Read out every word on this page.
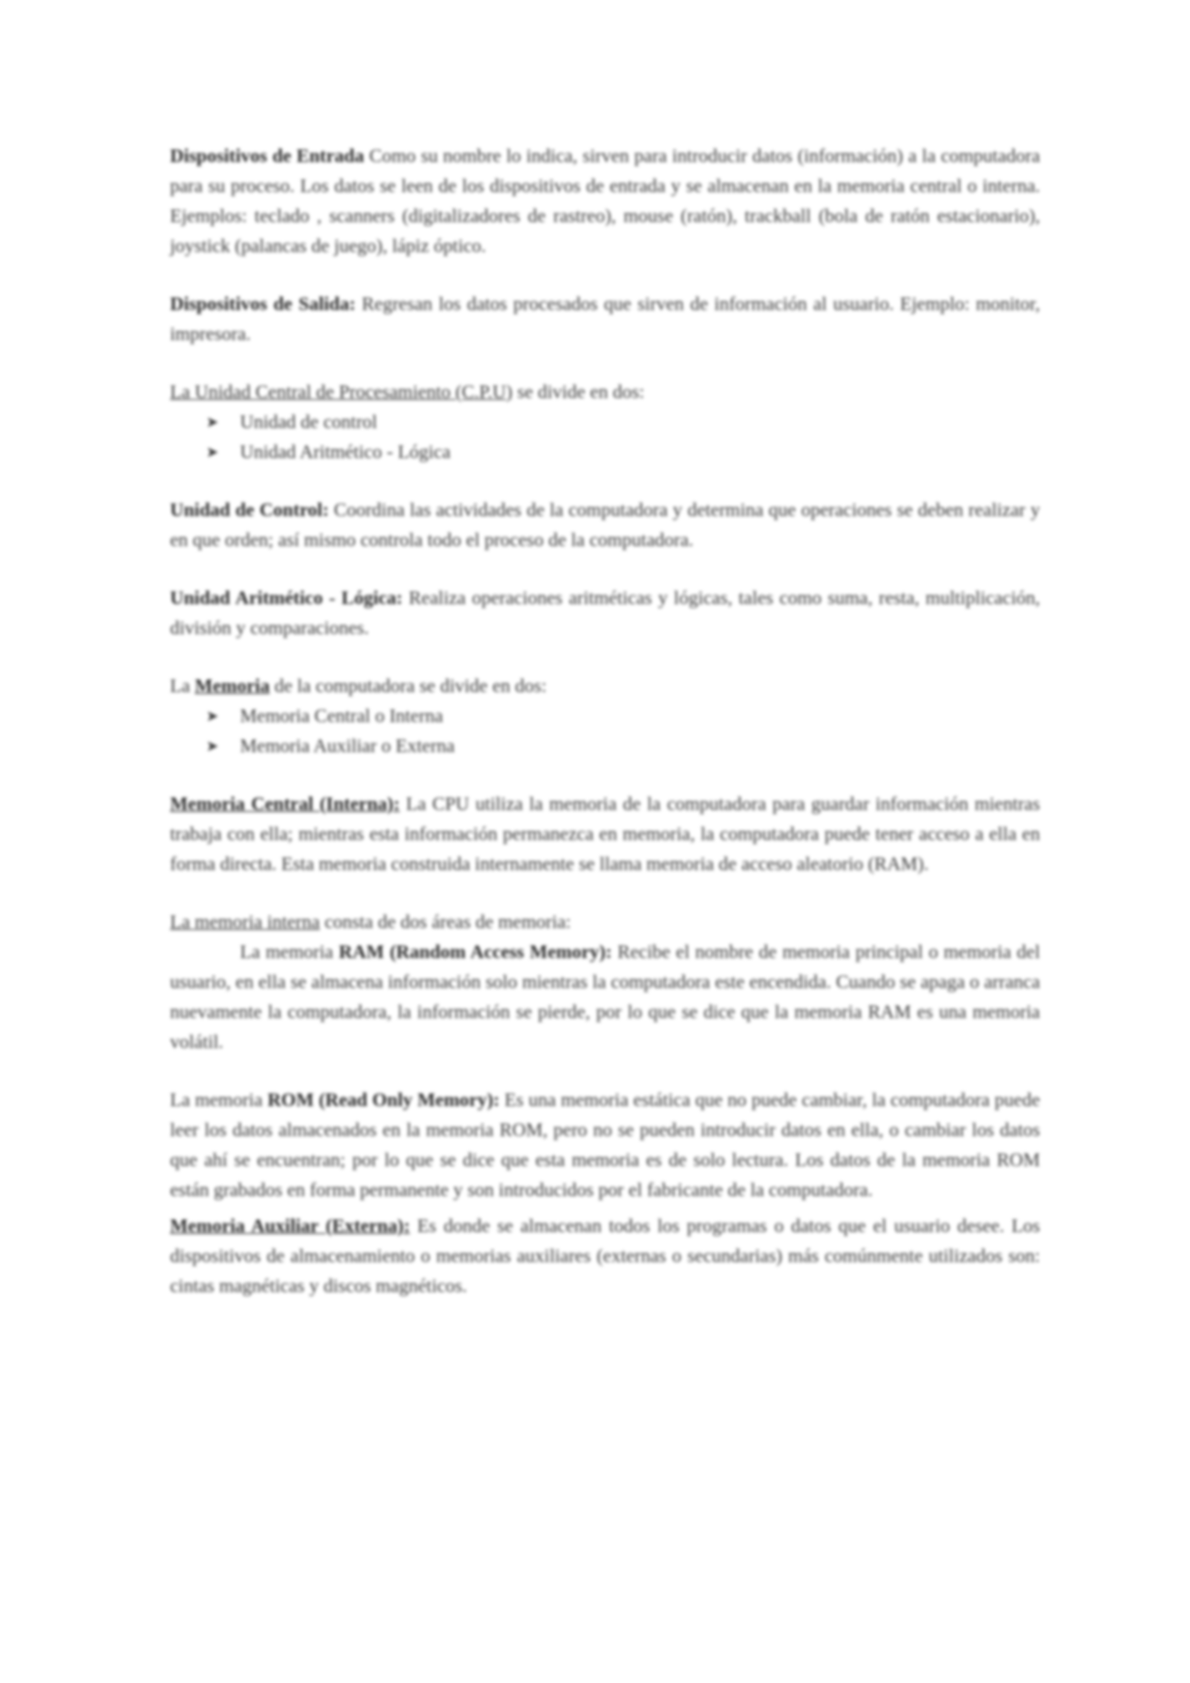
Dispositivos de Entrada Como su nombre lo indica, sirven para introducir datos (información) a la computadora para su proceso. Los datos se leen de los dispositivos de entrada y se almacenan en la memoria central o interna. Ejemplos: teclado , scanners (digitalizadores de rastreo), mouse (ratón), trackball (bola de ratón estacionario), joystick (palancas de juego), lápiz óptico.

Dispositivos de Salida: Regresan los datos procesados que sirven de información al usuario. Ejemplo: monitor, impresora.

La Unidad Central de Procesamiento (C.P.U) se divide en dos:

➤ Unidad de control
➤ Unidad Aritmético - Lógica

Unidad de Control: Coordina las actividades de la computadora y determina que operaciones se deben realizar y en que orden; así mismo controla todo el proceso de la computadora.

Unidad Aritmético - Lógica: Realiza operaciones aritméticas y lógicas, tales como suma, resta, multiplicación, división y comparaciones.

La Memoria de la computadora se divide en dos:

➤ Memoria Central o Interna
➤ Memoria Auxiliar o Externa

Memoria Central (Interna): La CPU utiliza la memoria de la computadora para guardar información mientras trabaja con ella; mientras esta información permanezca en memoria, la computadora puede tener acceso a ella en forma directa. Esta memoria construida internamente se llama memoria de acceso aleatorio (RAM).

La memoria interna consta de dos áreas de memoria:

La memoria RAM (Random Access Memory): Recibe el nombre de memoria principal o memoria del usuario, en ella se almacena información solo mientras la computadora este encendida. Cuando se apaga o arranca nuevamente la computadora, la información se pierde, por lo que se dice que la memoria RAM es una memoria volátil.

La memoria ROM (Read Only Memory): Es una memoria estática que no puede cambiar, la computadora puede leer los datos almacenados en la memoria ROM, pero no se pueden introducir datos en ella, o cambiar los datos que ahí se encuentran; por lo que se dice que esta memoria es de solo lectura. Los datos de la memoria ROM están grabados en forma permanente y son introducidos por el fabricante de la computadora.

Memoria Auxiliar (Externa): Es donde se almacenan todos los programas o datos que el usuario desee. Los dispositivos de almacenamiento o memorias auxiliares (externas o secundarias) más comúnmente utilizados son: cintas magnéticas y discos magnéticos.
